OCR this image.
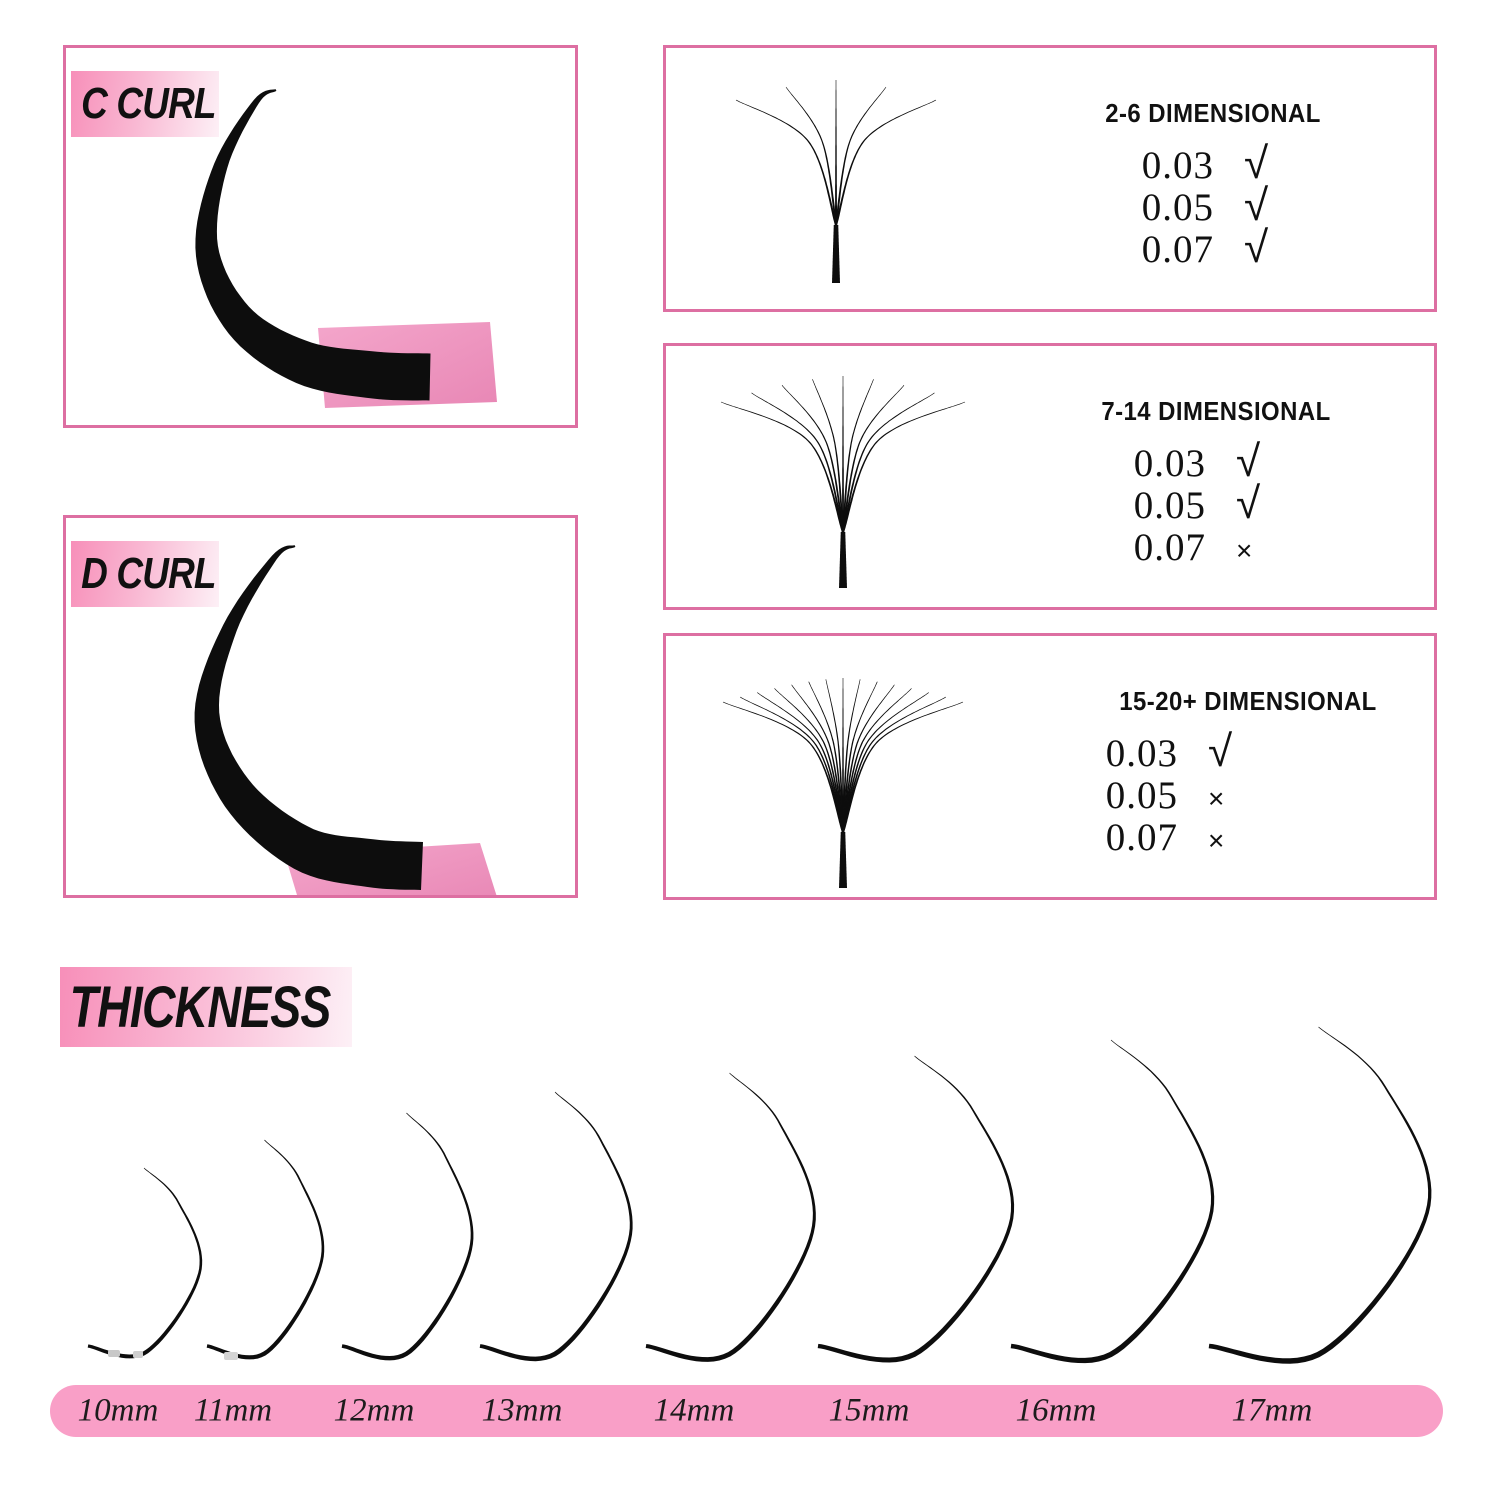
C CURL
D CURL
2-6 DIMENSIONAL
0.03 √
0.05 √
0.07 √
7-14 DIMENSIONAL
0.03 √
0.05 √
0.07	×
15-20+ DIMENSIONAL
0.03 √
0.05	×
0.07	×
THICKNESS
10mm 11mm 12mm 13mm	14mm	15mm	16mm	17mm
